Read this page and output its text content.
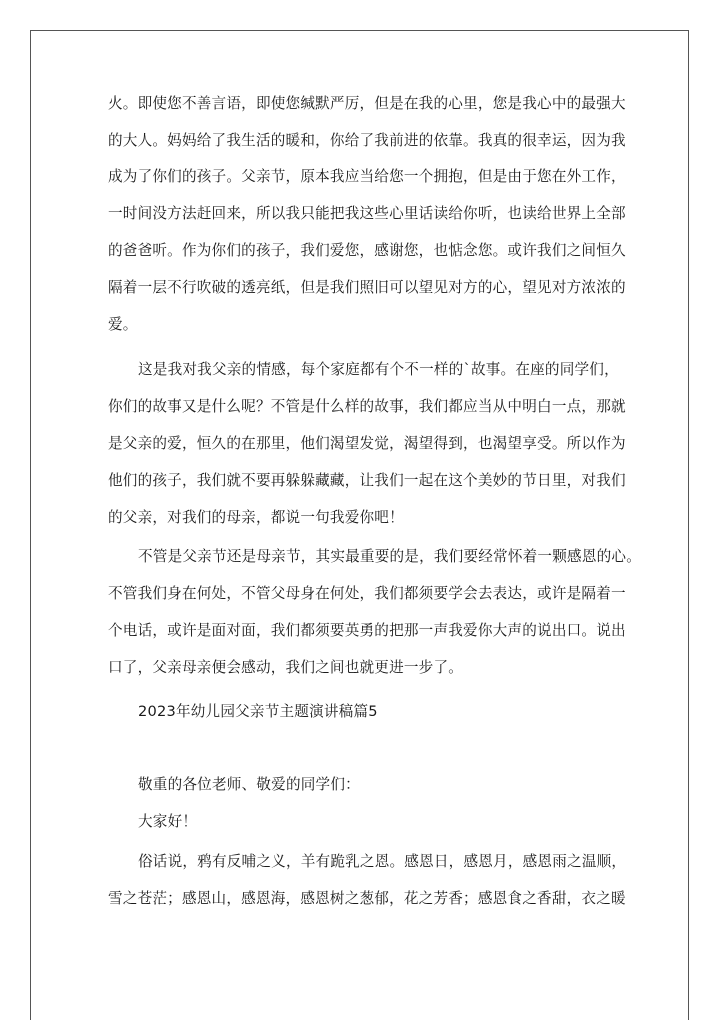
火。即使您不善言语，即使您缄默严厉，但是在我的心里，您是我心中的最强大
的大人。妈妈给了我生活的暖和，你给了我前进的依靠。我真的很幸运，因为我
成为了你们的孩子。父亲节，原本我应当给您一个拥抱，但是由于您在外工作，
一时间没方法赶回来，所以我只能把我这些心里话读给你听，也读给世界上全部
的爸爸听。作为你们的孩子，我们爱您，感谢您，也惦念您。或许我们之间恒久
隔着一层不行吹破的透亮纸，但是我们照旧可以望见对方的心，望见对方浓浓的
爱。
这是我对我父亲的情感，每个家庭都有个不一样的`故事。在座的同学们，
你们的故事又是什么呢？不管是什么样的故事，我们都应当从中明白一点，那就
是父亲的爱，恒久的在那里，他们渴望发觉，渴望得到，也渴望享受。所以作为
他们的孩子，我们就不要再躲躲藏藏，让我们一起在这个美妙的节日里，对我们
的父亲，对我们的母亲，都说一句我爱你吧！
不管是父亲节还是母亲节，其实最重要的是，我们要经常怀着一颗感恩的心。
不管我们身在何处，不管父母身在何处，我们都须要学会去表达，或许是隔着一
个电话，或许是面对面，我们都须要英勇的把那一声我爱你大声的说出口。说出
口了，父亲母亲便会感动，我们之间也就更进一步了。
2023年幼儿园父亲节主题演讲稿篇5
敬重的各位老师、敬爱的同学们：
大家好！
俗话说，鸦有反哺之义，羊有跪乳之恩。感恩日，感恩月，感恩雨之温顺，
雪之苍茫；感恩山，感恩海，感恩树之葱郁，花之芳香；感恩食之香甜，衣之暖
